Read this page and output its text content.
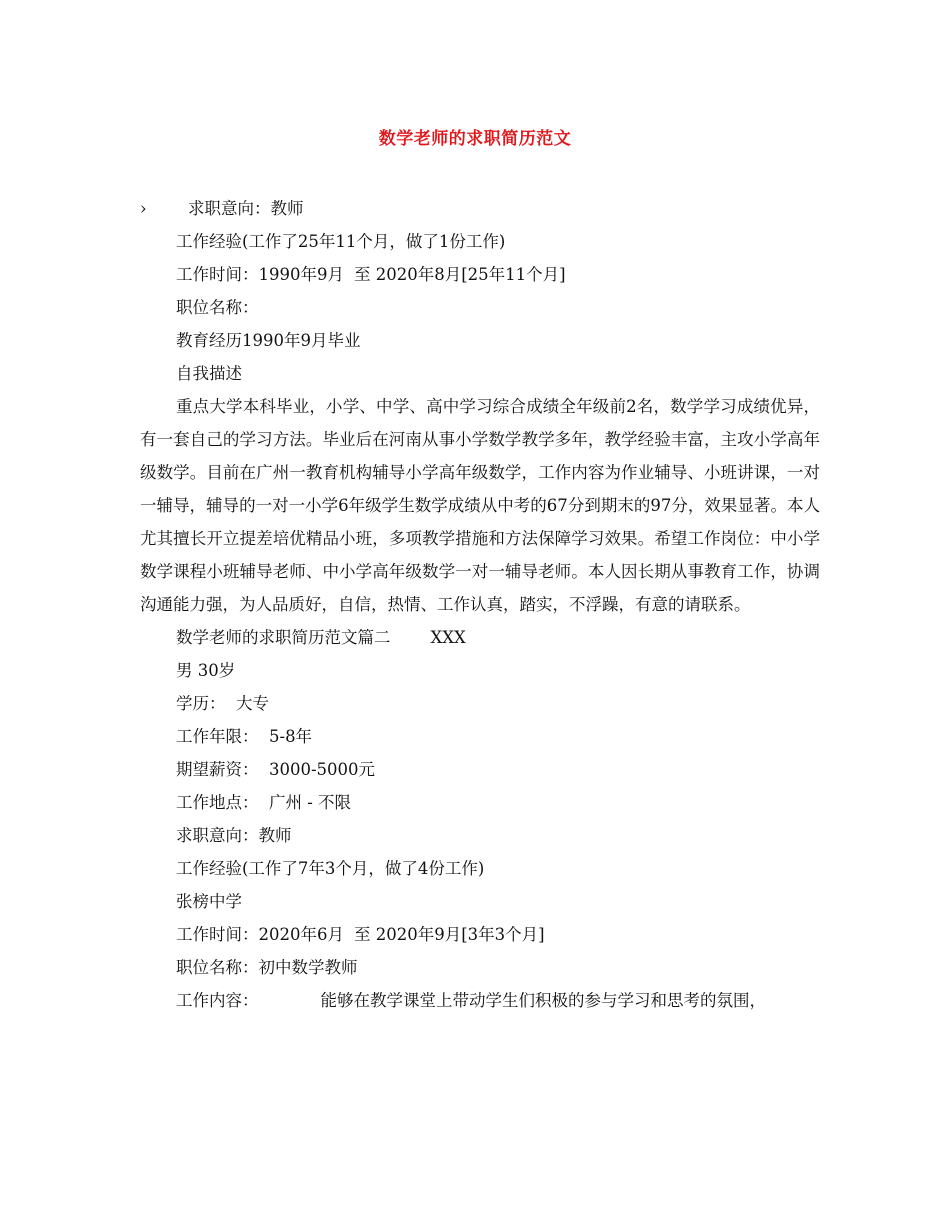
数学老师的求职简历范文
›	求职意向：教师
工作经验(工作了25年11个月，做了1份工作)
工作时间：1990年9月 至 2020年8月[25年11个月]
职位名称：
教育经历1990年9月毕业
自我描述

重点大学本科毕业，小学、中学、高中学习综合成绩全年级前2名，数学学习成绩优异，有一套自己的学习方法。毕业后在河南从事小学数学教学多年，教学经验丰富，主攻小学高年级数学。目前在广州一教育机构辅导小学高年级数学，工作内容为作业辅导、小班讲课，一对一辅导，辅导的一对一小学6年级学生数学成绩从中考的67分到期末的97分，效果显著。本人尤其擅长开立提差培优精品小班，多项教学措施和方法保障学习效果。希望工作岗位：中小学数学课程小班辅导老师、中小学高年级数学一对一辅导老师。本人因长期从事教育工作，协调沟通能力强，为人品质好，自信，热情、工作认真，踏实，不浮躁，有意的请联系。

数学老师的求职简历范文篇二 XXX
男 30岁
学历：  大专
工作年限：  5-8年
期望薪资：  3000-5000元
工作地点：  广州 - 不限
求职意向：教师
工作经验(工作了7年3个月，做了4份工作)
张榜中学
工作时间：2020年6月 至 2020年9月[3年3个月]
职位名称：初中数学教师
工作内容：	能够在教学课堂上带动学生们积极的参与学习和思考的氛围，
